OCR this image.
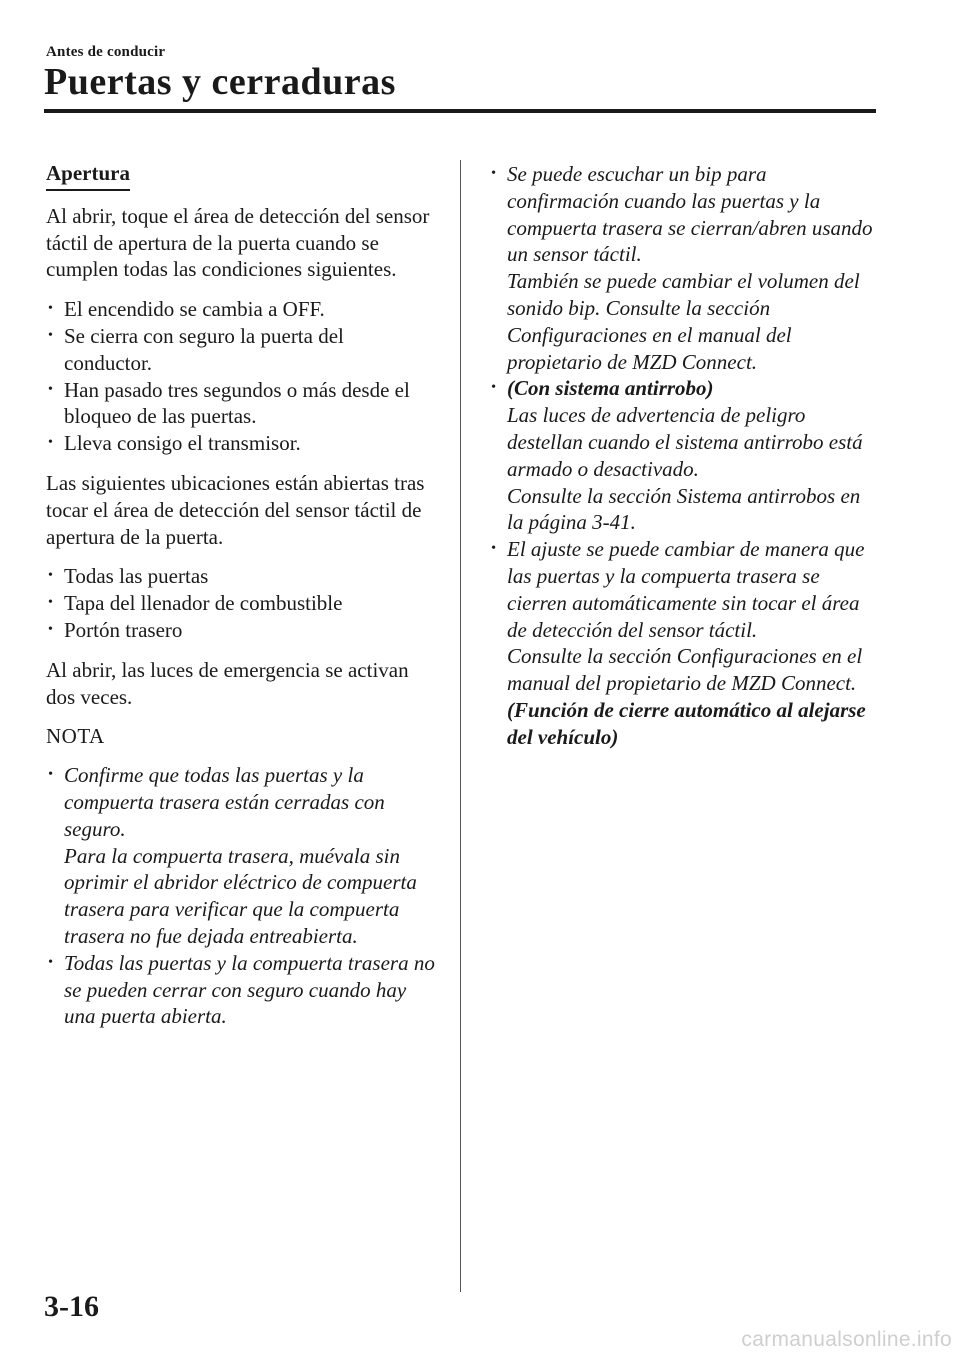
Antes de conducir
Puertas y cerraduras
Apertura

Al abrir, toque el área de detección del sensor táctil de apertura de la puerta cuando se cumplen todas las condiciones siguientes.

• El encendido se cambia a OFF.
• Se cierra con seguro la puerta del conductor.
• Han pasado tres segundos o más desde el bloqueo de las puertas.
• Lleva consigo el transmisor.

Las siguientes ubicaciones están abiertas tras tocar el área de detección del sensor táctil de apertura de la puerta.

• Todas las puertas
• Tapa del llenador de combustible
• Portón trasero

Al abrir, las luces de emergencia se activan dos veces.

NOTA
• Confirme que todas las puertas y la compuerta trasera están cerradas con seguro.
Para la compuerta trasera, muévala sin oprimir el abridor eléctrico de compuerta trasera para verificar que la compuerta trasera no fue dejada entreabierta.
• Todas las puertas y la compuerta trasera no se pueden cerrar con seguro cuando hay una puerta abierta.
• Se puede escuchar un bip para confirmación cuando las puertas y la compuerta trasera se cierran/abren usando un sensor táctil.
También se puede cambiar el volumen del sonido bip. Consulte la sección Configuraciones en el manual del propietario de MZD Connect.
• (Con sistema antirrobo)
Las luces de advertencia de peligro destellan cuando el sistema antirrobo está armado o desactivado.
Consulte la sección Sistema antirrobos en la página 3-41.
• El ajuste se puede cambiar de manera que las puertas y la compuerta trasera se cierren automáticamente sin tocar el área de detección del sensor táctil.
Consulte la sección Configuraciones en el manual del propietario de MZD Connect.
(Función de cierre automático al alejarse del vehículo)
3-16
carmanualsonline.info
